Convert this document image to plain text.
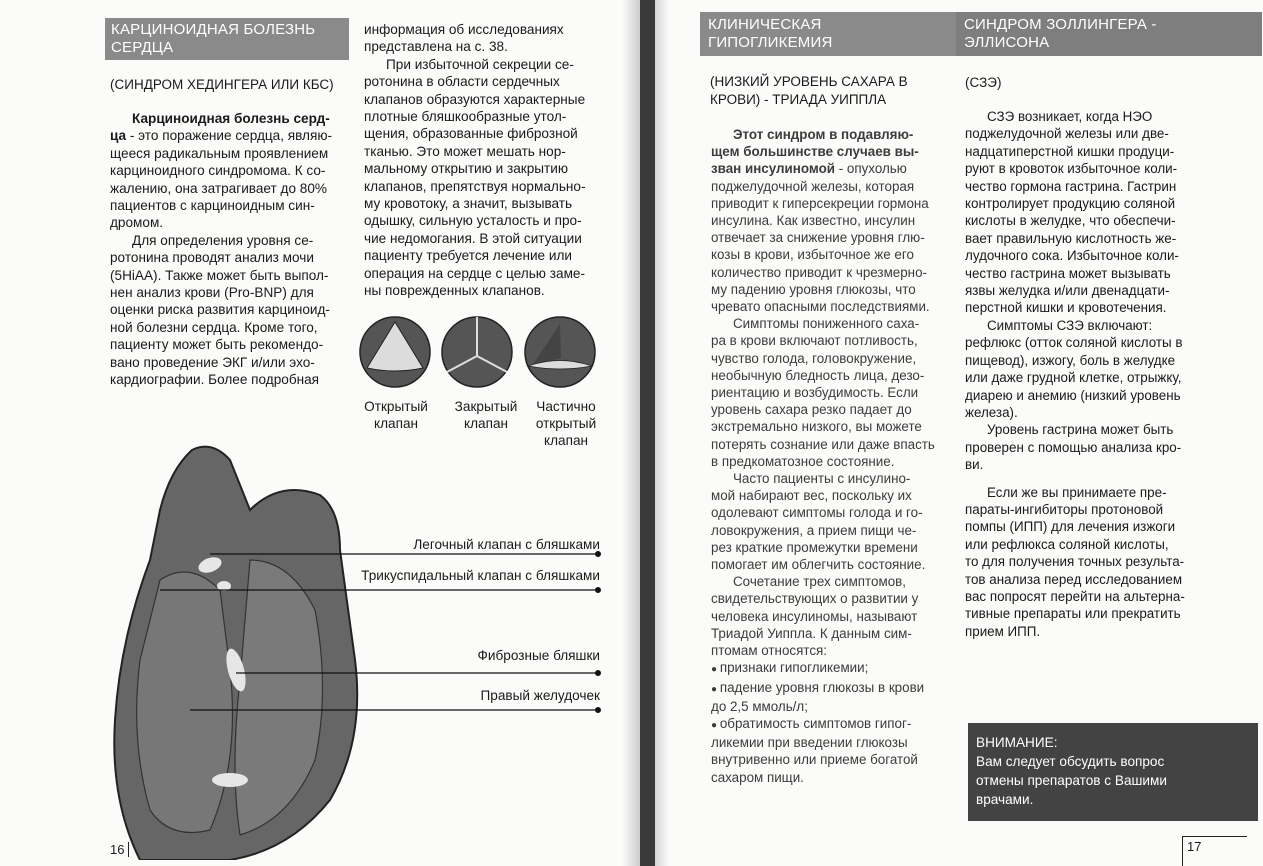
КАРЦИНОИДНАЯ БОЛЕЗНЬ
СЕРДЦА
(СИНДРОМ ХЕДИНГЕРА ИЛИ КБС)

Карциноидная болезнь серд-

ца - это поражение сердца, являю-

щееся радикальным проявлением

карциноидного синдромома. К со-

жалению, она затрагивает до 80%

пациентов с карциноидным син-

дромом.

Для определения уровня се-

ротонина проводят анализ мочи

(5HiAA). Также может быть выпол-

нен анализ крови (Pro-BNP) для

оценки риска развития карциноид-

ной болезни сердца. Кроме того,

пациенту может быть рекомендо-

вано проведение ЭКГ и/или эхо-

кардиографии. Более подробная

информация об исследованиях

представлена на с. 38.

При избыточной секреции се-

ротонина в области сердечных

клапанов образуются характерные

плотные бляшкообразные утол-

щения, образованные фиброзной

тканью. Это может мешать нор-

мальному открытию и закрытию

клапанов, препятствуя нормально-

му кровотоку, а значит, вызывать

одышку, сильную усталость и про-

чие недомогания. В этой ситуации

пациенту требуется лечение или

операция на сердце с целью заме-

ны поврежденных клапанов.

Открытый
клапан
Закрытый
клапан
Частично
открытый
клапан
Легочный клапан с бляшками
Трикуспидальный клапан с бляшками
Фиброзные бляшки
Правый желудочек
16
КЛИНИЧЕСКАЯ
ГИПОГЛИКЕМИЯ
СИНДРОМ ЗОЛЛИНГЕРА -
ЭЛЛИСОНА
(НИЗКИЙ УРОВЕНЬ САХАРА В
КРОВИ) - ТРИАДА УИППЛА
(СЗЭ)

Этот синдром в подавляю-

щем большинстве случаев вы-

зван инсулиномой - опухолью

поджелудочной железы, которая

приводит к гиперсекреции гормона

инсулина. Как известно, инсулин

отвечает за снижение уровня глю-

козы в крови, избыточное же его

количество приводит к чрезмерно-

му падению уровня глюкозы, что

чревато опасными последствиями.

Симптомы пониженного саха-

ра в крови включают потливость,

чувство голода, головокружение,

необычную бледность лица, дезо-

риентацию и возбудимость. Если

уровень сахара резко падает до

экстремально низкого, вы можете

потерять сознание или даже впасть

в предкоматозное состояние.

Часто пациенты с инсулино-

мой набирают вес, поскольку их

одолевают симптомы голода и го-

ловокружения, а прием пищи че-

рез краткие промежутки времени

помогает им облегчить состояние.

Сочетание трех симптомов,

свидетельствующих о развитии у

человека инсулиномы, называют

Триадой Уиппла. К данным сим-

птомам относятся:

● признаки гипогликемии;

● падение уровня глюкозы в крови

до 2,5 ммоль/л;

● обратимость симптомов гипог-

ликемии при введении глюкозы

внутривенно или приеме богатой

сахаром пищи.

СЗЭ возникает, когда НЭО

поджелудочной железы или две-

надцатиперстной кишки продуци-

руют в кровоток избыточное коли-

чество гормона гастрина. Гастрин

контролирует продукцию соляной

кислоты в желудке, что обеспечи-

вает правильную кислотность же-

лудочного сока. Избыточное коли-

чество гастрина может вызывать

язвы желудка и/или двенадцати-

перстной кишки и кровотечения.

Симптомы СЗЭ включают:

рефлюкс (отток соляной кислоты в

пищевод), изжогу, боль в желудке

или даже грудной клетке, отрыжку,

диарею и анемию (низкий уровень

железа).

Уровень гастрина может быть

проверен с помощью анализа кро-

ви.

Если же вы принимаете пре-

параты-ингибиторы протоновой

помпы (ИПП) для лечения изжоги

или рефлюкса соляной кислоты,

то для получения точных результа-

тов анализа перед исследованием

вас попросят перейти на альтерна-

тивные препараты или прекратить

прием ИПП.

ВНИМАНИЕ:
Вам следует обсудить вопрос
отмены препаратов с Вашими
врачами.
17
